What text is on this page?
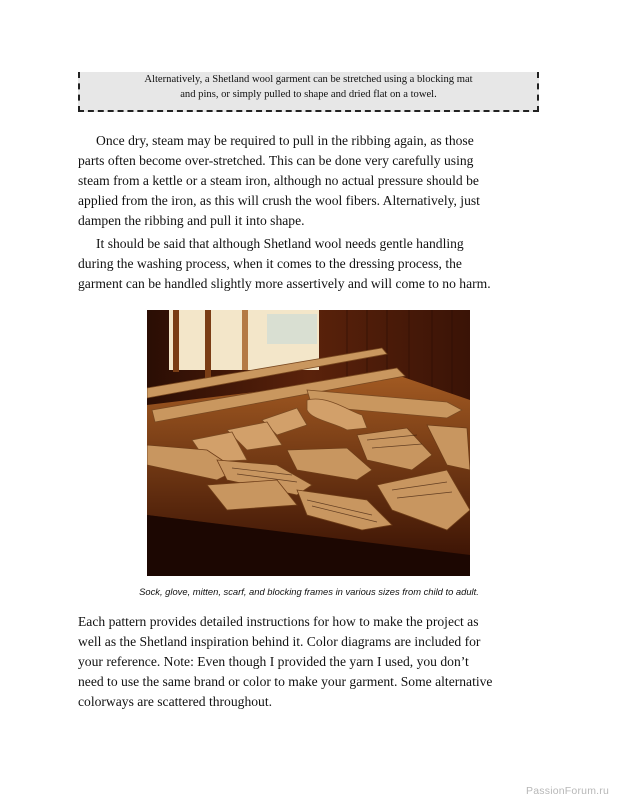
Alternatively, a Shetland wool garment can be stretched using a blocking mat

and pins, or simply pulled to shape and dried flat on a towel.

Once dry, steam may be required to pull in the ribbing again, as those

parts often become over-stretched. This can be done very carefully using

steam from a kettle or a steam iron, although no actual pressure should be

applied from the iron, as this will crush the wool fibers. Alternatively, just

dampen the ribbing and pull it into shape.

It should be said that although Shetland wool needs gentle handling

during the washing process, when it comes to the dressing process, the

garment can be handled slightly more assertively and will come to no harm.

Sock, glove, mitten, scarf, and blocking frames in various sizes from child to adult.

Each pattern provides detailed instructions for how to make the project as

well as the Shetland inspiration behind it. Color diagrams are included for

your reference. Note: Even though I provided the yarn I used, you don’t

need to use the same brand or color to make your garment. Some alternative

colorways are scattered throughout.

PassionForum.ru
